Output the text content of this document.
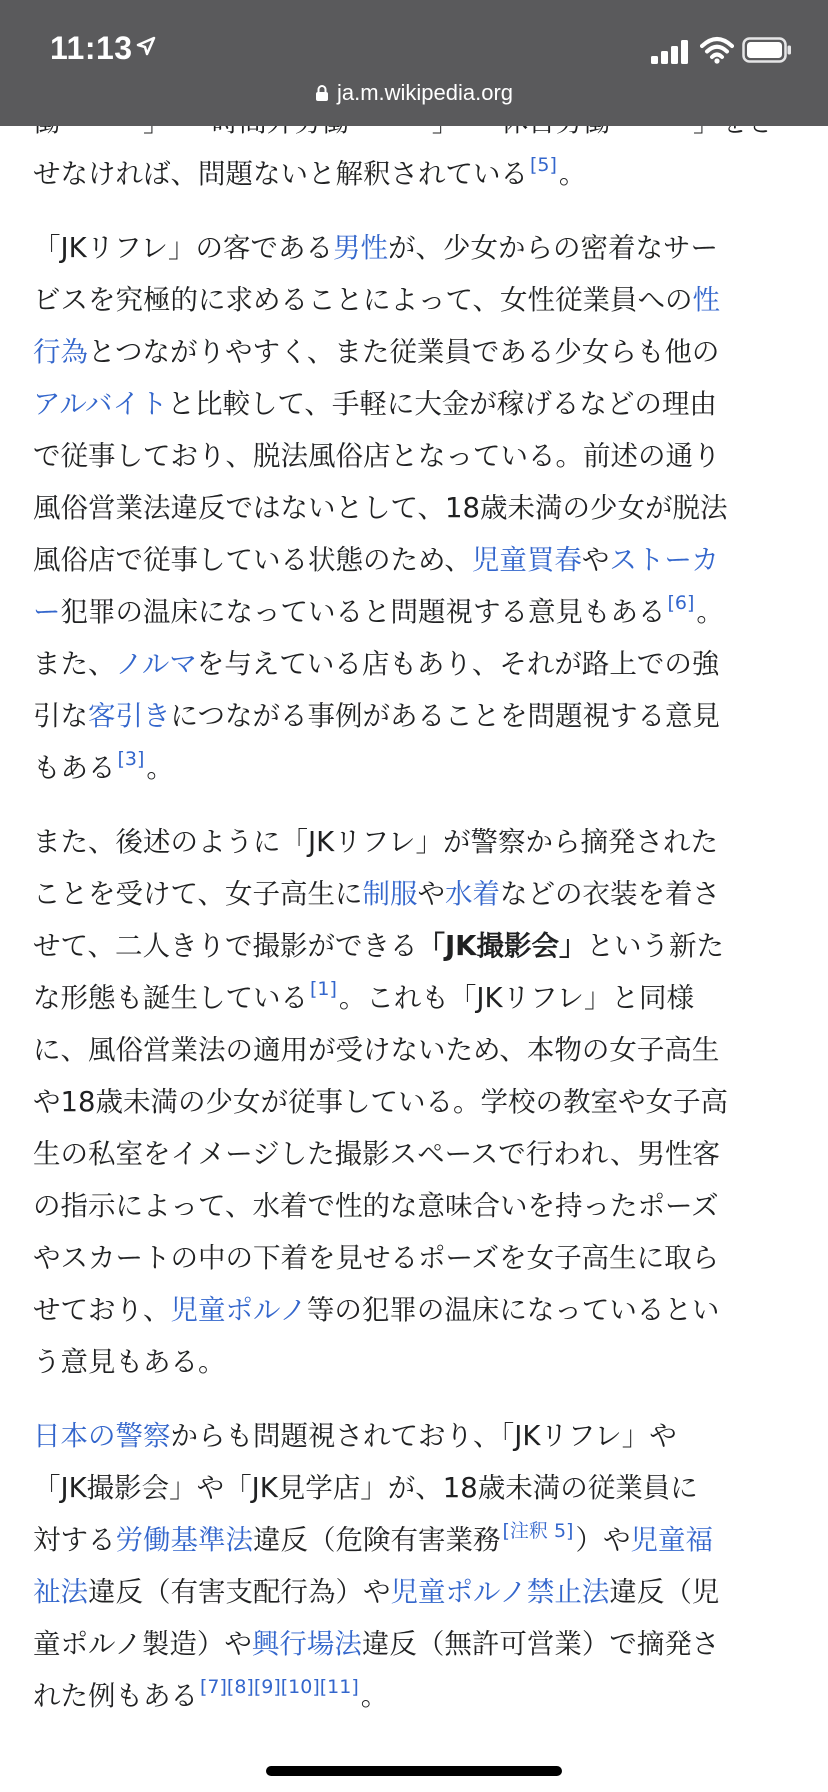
せなければ、問題ないと解釈されている [5]。
「JKリフレ」の客である男性が、少女からの密着なサー
ビスを究極的に求めることによって、女性従業員への性
行為とつながりやすく、また従業員である少女らも他の
アルバイトと比較して、手軽に大金が稼げるなどの理由
で従事しており、脱法風俗店となっている。前述の通り
風俗営業法違反ではないとして、18歳未満の少女が脱法
風俗店で従事している状態のため、児童買春やストーカ
ー犯罪の温床になっていると問題視する意見もある [6]。
また、ノルマを与えている店もあり、それが路上での強
引な客引きにつながる事例があることを問題視する意見
もある [3]。
また、後述のように「JKリフレ」が警察から摘発された
ことを受けて、女子高生に制服や水着などの衣装を着さ
せて、二人きりで撮影ができる「JK撮影会」という新た
な形態も誕生している [1]。これも「JKリフレ」と同様
に、風俗営業法の適用が受けないため、本物の女子高生
や18歳未満の少女が従事している。学校の教室や女子高
生の私室をイメージした撮影スペースで行われ、男性客
の指示によって、水着で性的な意味合いを持ったポーズ
やスカートの中の下着を見せるポーズを女子高生に取ら
せており、児童ポルノ等の犯罪の温床になっているとい
う意見もある。
日本の警察からも問題視されており、「JKリフレ」や
「JK撮影会」や「JK見学店」が、18歳未満の従業員に
対する労働基準法違反（危険有害業務 [注釈 5]）や児童福
祉法違反（有害支配行為）や児童ポルノ禁止法違反（児
童ポルノ製造）や興行場法違反（無許可営業）で摘発さ
れた例もある [7][8][9][10][11]。
11:13
ja.m.wikipedia.org
